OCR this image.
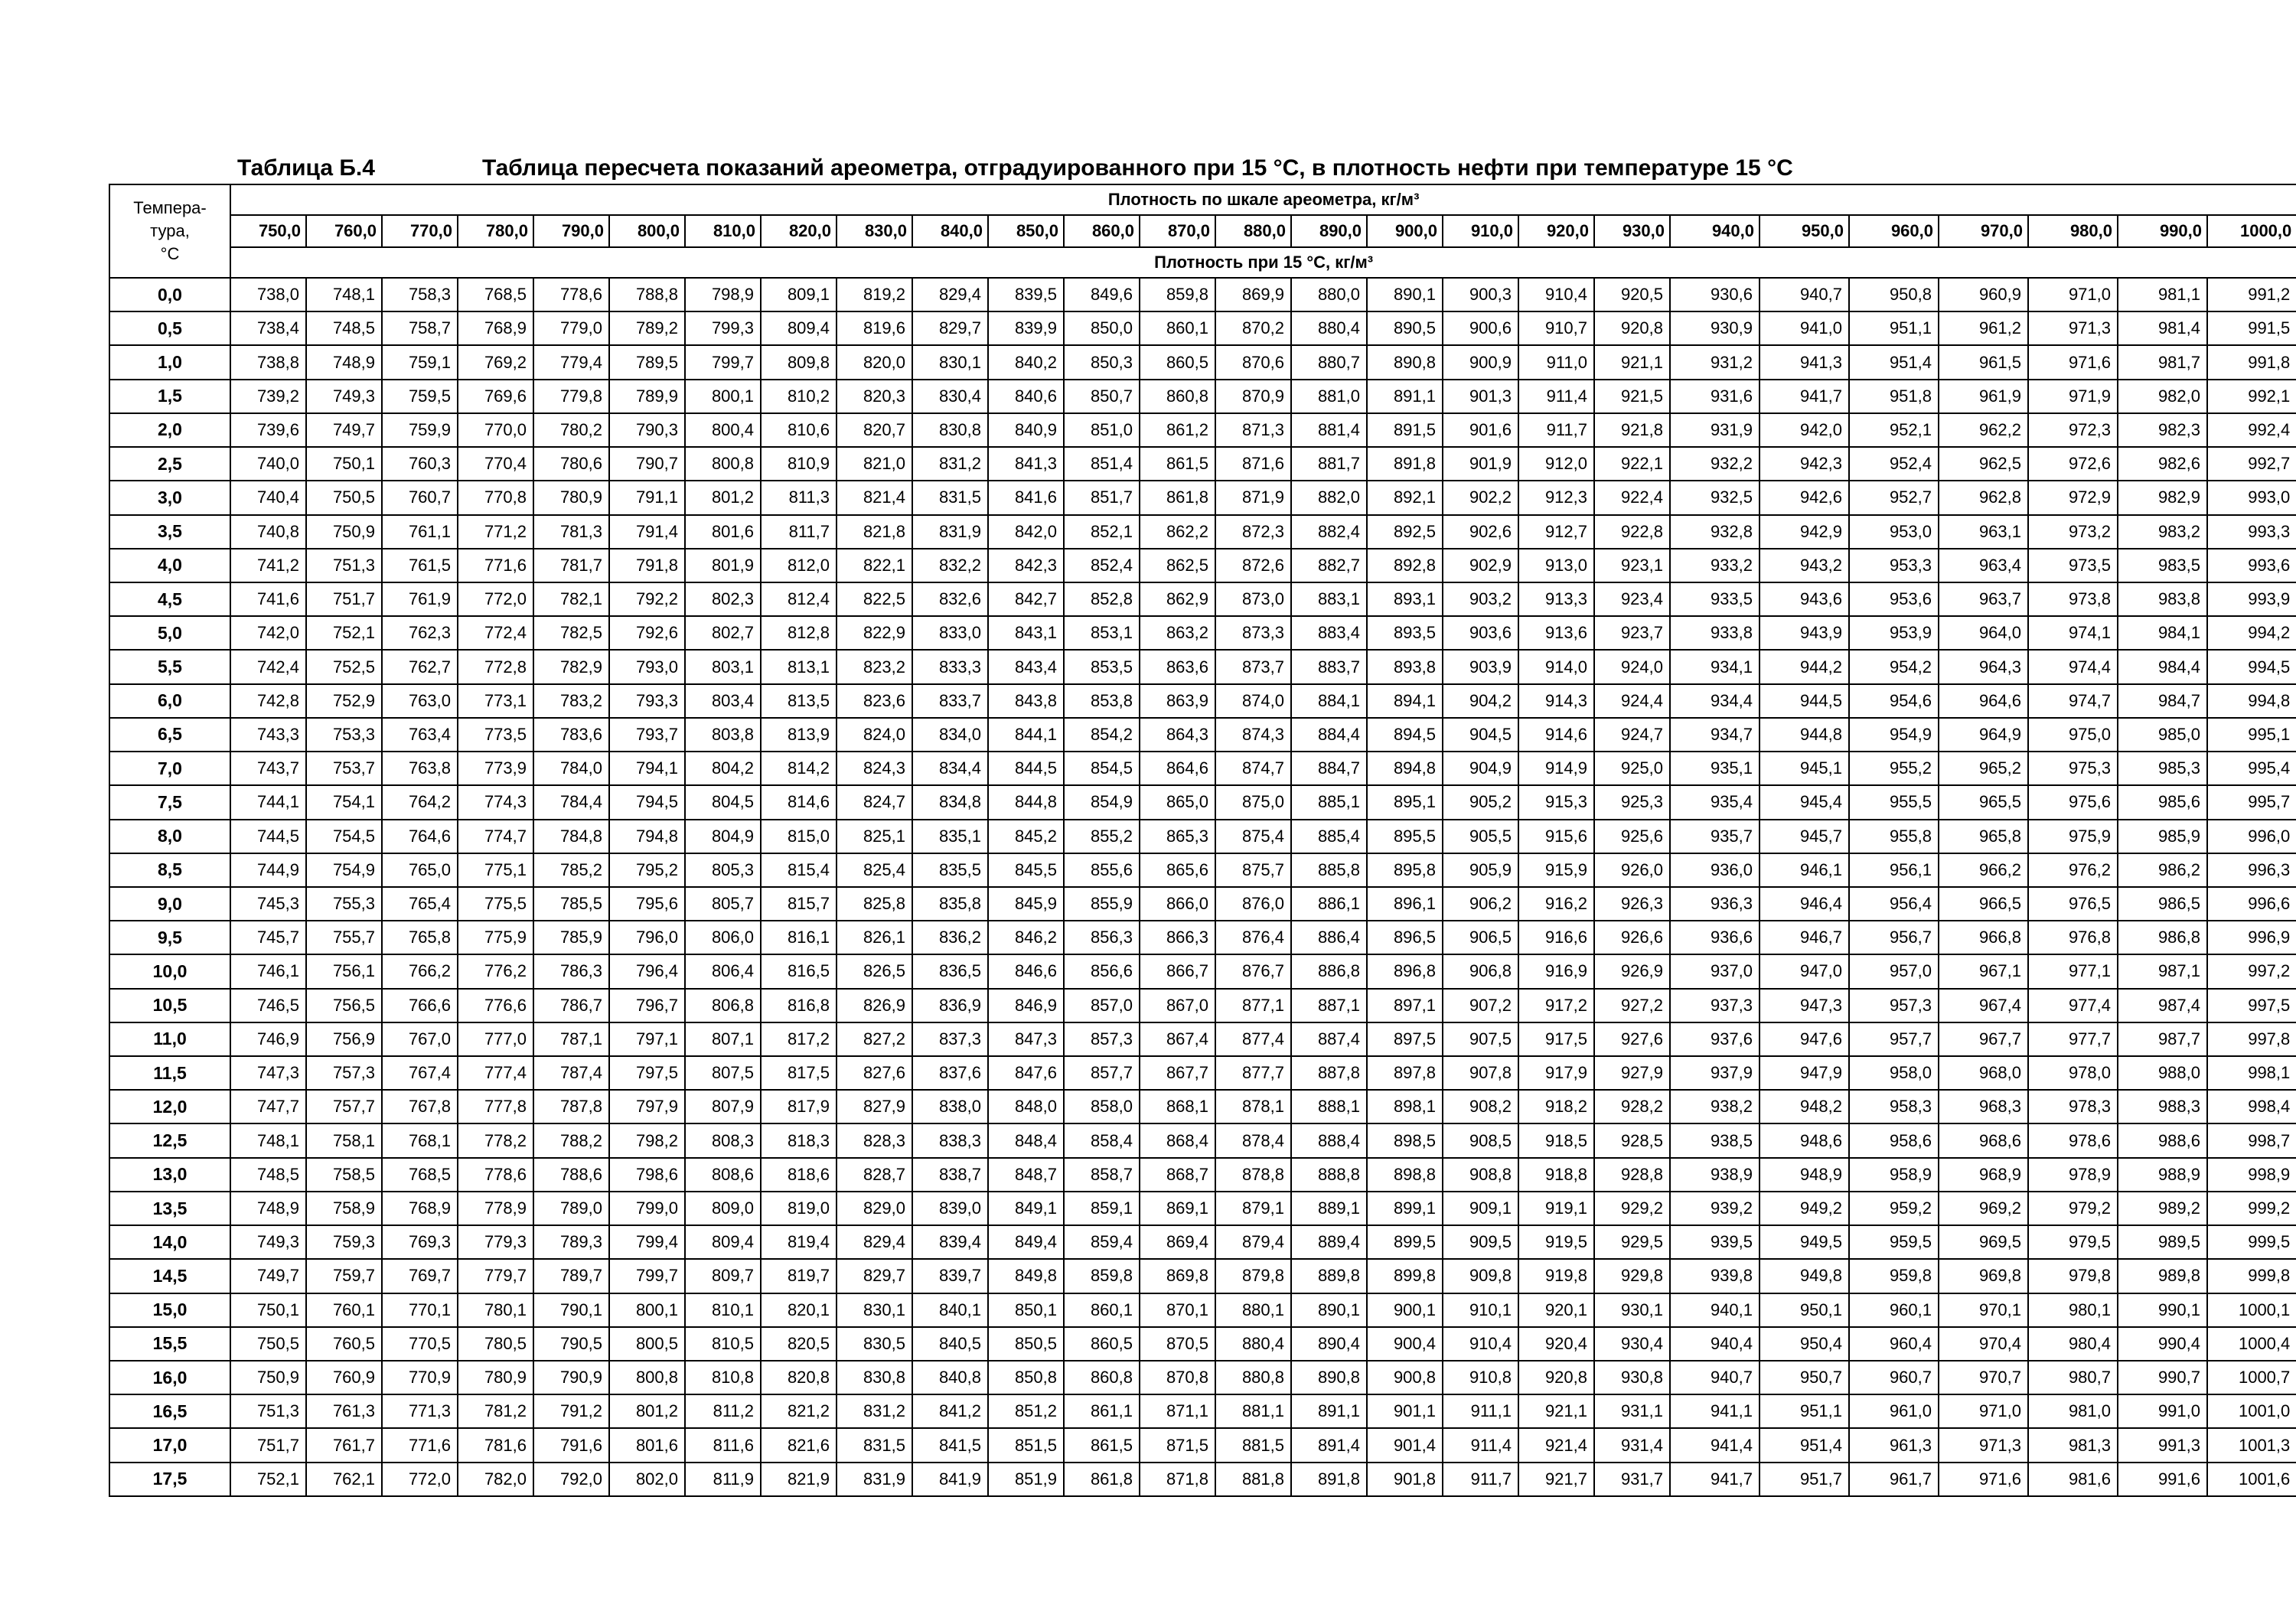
Таблица Б.4	Таблица пересчета показаний ареометра, отградуированного при 15 °С, в плотность нефти при температуре 15 °С
Темпера-
тура,
°С	Плотность по шкале ареометра, кг/м³																									
	750,0	760,0	770,0	780,0	790,0	800,0	810,0	820,0	830,0	840,0	850,0	860,0	870,0	880,0	890,0	900,0	910,0	920,0	930,0	940,0	950,0	960,0	970,0	980,0	990,0	1000,0
	Плотность при 15 °С, кг/м³																									
0,0	738,0	748,1	758,3	768,5	778,6	788,8	798,9	809,1	819,2	829,4	839,5	849,6	859,8	869,9	880,0	890,1	900,3	910,4	920,5	930,6	940,7	950,8	960,9	971,0	981,1	991,2
0,5	738,4	748,5	758,7	768,9	779,0	789,2	799,3	809,4	819,6	829,7	839,9	850,0	860,1	870,2	880,4	890,5	900,6	910,7	920,8	930,9	941,0	951,1	961,2	971,3	981,4	991,5
1,0	738,8	748,9	759,1	769,2	779,4	789,5	799,7	809,8	820,0	830,1	840,2	850,3	860,5	870,6	880,7	890,8	900,9	911,0	921,1	931,2	941,3	951,4	961,5	971,6	981,7	991,8
1,5	739,2	749,3	759,5	769,6	779,8	789,9	800,1	810,2	820,3	830,4	840,6	850,7	860,8	870,9	881,0	891,1	901,3	911,4	921,5	931,6	941,7	951,8	961,9	971,9	982,0	992,1
2,0	739,6	749,7	759,9	770,0	780,2	790,3	800,4	810,6	820,7	830,8	840,9	851,0	861,2	871,3	881,4	891,5	901,6	911,7	921,8	931,9	942,0	952,1	962,2	972,3	982,3	992,4
2,5	740,0	750,1	760,3	770,4	780,6	790,7	800,8	810,9	821,0	831,2	841,3	851,4	861,5	871,6	881,7	891,8	901,9	912,0	922,1	932,2	942,3	952,4	962,5	972,6	982,6	992,7
3,0	740,4	750,5	760,7	770,8	780,9	791,1	801,2	811,3	821,4	831,5	841,6	851,7	861,8	871,9	882,0	892,1	902,2	912,3	922,4	932,5	942,6	952,7	962,8	972,9	982,9	993,0
3,5	740,8	750,9	761,1	771,2	781,3	791,4	801,6	811,7	821,8	831,9	842,0	852,1	862,2	872,3	882,4	892,5	902,6	912,7	922,8	932,8	942,9	953,0	963,1	973,2	983,2	993,3
4,0	741,2	751,3	761,5	771,6	781,7	791,8	801,9	812,0	822,1	832,2	842,3	852,4	862,5	872,6	882,7	892,8	902,9	913,0	923,1	933,2	943,2	953,3	963,4	973,5	983,5	993,6
4,5	741,6	751,7	761,9	772,0	782,1	792,2	802,3	812,4	822,5	832,6	842,7	852,8	862,9	873,0	883,1	893,1	903,2	913,3	923,4	933,5	943,6	953,6	963,7	973,8	983,8	993,9
5,0	742,0	752,1	762,3	772,4	782,5	792,6	802,7	812,8	822,9	833,0	843,1	853,1	863,2	873,3	883,4	893,5	903,6	913,6	923,7	933,8	943,9	953,9	964,0	974,1	984,1	994,2
5,5	742,4	752,5	762,7	772,8	782,9	793,0	803,1	813,1	823,2	833,3	843,4	853,5	863,6	873,7	883,7	893,8	903,9	914,0	924,0	934,1	944,2	954,2	964,3	974,4	984,4	994,5
6,0	742,8	752,9	763,0	773,1	783,2	793,3	803,4	813,5	823,6	833,7	843,8	853,8	863,9	874,0	884,1	894,1	904,2	914,3	924,4	934,4	944,5	954,6	964,6	974,7	984,7	994,8
6,5	743,3	753,3	763,4	773,5	783,6	793,7	803,8	813,9	824,0	834,0	844,1	854,2	864,3	874,3	884,4	894,5	904,5	914,6	924,7	934,7	944,8	954,9	964,9	975,0	985,0	995,1
7,0	743,7	753,7	763,8	773,9	784,0	794,1	804,2	814,2	824,3	834,4	844,5	854,5	864,6	874,7	884,7	894,8	904,9	914,9	925,0	935,1	945,1	955,2	965,2	975,3	985,3	995,4
7,5	744,1	754,1	764,2	774,3	784,4	794,5	804,5	814,6	824,7	834,8	844,8	854,9	865,0	875,0	885,1	895,1	905,2	915,3	925,3	935,4	945,4	955,5	965,5	975,6	985,6	995,7
8,0	744,5	754,5	764,6	774,7	784,8	794,8	804,9	815,0	825,1	835,1	845,2	855,2	865,3	875,4	885,4	895,5	905,5	915,6	925,6	935,7	945,7	955,8	965,8	975,9	985,9	996,0
8,5	744,9	754,9	765,0	775,1	785,2	795,2	805,3	815,4	825,4	835,5	845,5	855,6	865,6	875,7	885,8	895,8	905,9	915,9	926,0	936,0	946,1	956,1	966,2	976,2	986,2	996,3
9,0	745,3	755,3	765,4	775,5	785,5	795,6	805,7	815,7	825,8	835,8	845,9	855,9	866,0	876,0	886,1	896,1	906,2	916,2	926,3	936,3	946,4	956,4	966,5	976,5	986,5	996,6
9,5	745,7	755,7	765,8	775,9	785,9	796,0	806,0	816,1	826,1	836,2	846,2	856,3	866,3	876,4	886,4	896,5	906,5	916,6	926,6	936,6	946,7	956,7	966,8	976,8	986,8	996,9
10,0	746,1	756,1	766,2	776,2	786,3	796,4	806,4	816,5	826,5	836,5	846,6	856,6	866,7	876,7	886,8	896,8	906,8	916,9	926,9	937,0	947,0	957,0	967,1	977,1	987,1	997,2
10,5	746,5	756,5	766,6	776,6	786,7	796,7	806,8	816,8	826,9	836,9	846,9	857,0	867,0	877,1	887,1	897,1	907,2	917,2	927,2	937,3	947,3	957,3	967,4	977,4	987,4	997,5
11,0	746,9	756,9	767,0	777,0	787,1	797,1	807,1	817,2	827,2	837,3	847,3	857,3	867,4	877,4	887,4	897,5	907,5	917,5	927,6	937,6	947,6	957,7	967,7	977,7	987,7	997,8
11,5	747,3	757,3	767,4	777,4	787,4	797,5	807,5	817,5	827,6	837,6	847,6	857,7	867,7	877,7	887,8	897,8	907,8	917,9	927,9	937,9	947,9	958,0	968,0	978,0	988,0	998,1
12,0	747,7	757,7	767,8	777,8	787,8	797,9	807,9	817,9	827,9	838,0	848,0	858,0	868,1	878,1	888,1	898,1	908,2	918,2	928,2	938,2	948,2	958,3	968,3	978,3	988,3	998,4
12,5	748,1	758,1	768,1	778,2	788,2	798,2	808,3	818,3	828,3	838,3	848,4	858,4	868,4	878,4	888,4	898,5	908,5	918,5	928,5	938,5	948,6	958,6	968,6	978,6	988,6	998,7
13,0	748,5	758,5	768,5	778,6	788,6	798,6	808,6	818,6	828,7	838,7	848,7	858,7	868,7	878,8	888,8	898,8	908,8	918,8	928,8	938,9	948,9	958,9	968,9	978,9	988,9	998,9
13,5	748,9	758,9	768,9	778,9	789,0	799,0	809,0	819,0	829,0	839,0	849,1	859,1	869,1	879,1	889,1	899,1	909,1	919,1	929,2	939,2	949,2	959,2	969,2	979,2	989,2	999,2
14,0	749,3	759,3	769,3	779,3	789,3	799,4	809,4	819,4	829,4	839,4	849,4	859,4	869,4	879,4	889,4	899,5	909,5	919,5	929,5	939,5	949,5	959,5	969,5	979,5	989,5	999,5
14,5	749,7	759,7	769,7	779,7	789,7	799,7	809,7	819,7	829,7	839,7	849,8	859,8	869,8	879,8	889,8	899,8	909,8	919,8	929,8	939,8	949,8	959,8	969,8	979,8	989,8	999,8
15,0	750,1	760,1	770,1	780,1	790,1	800,1	810,1	820,1	830,1	840,1	850,1	860,1	870,1	880,1	890,1	900,1	910,1	920,1	930,1	940,1	950,1	960,1	970,1	980,1	990,1	1000,1
15,5	750,5	760,5	770,5	780,5	790,5	800,5	810,5	820,5	830,5	840,5	850,5	860,5	870,5	880,4	890,4	900,4	910,4	920,4	930,4	940,4	950,4	960,4	970,4	980,4	990,4	1000,4
16,0	750,9	760,9	770,9	780,9	790,9	800,8	810,8	820,8	830,8	840,8	850,8	860,8	870,8	880,8	890,8	900,8	910,8	920,8	930,8	940,7	950,7	960,7	970,7	980,7	990,7	1000,7
16,5	751,3	761,3	771,3	781,2	791,2	801,2	811,2	821,2	831,2	841,2	851,2	861,1	871,1	881,1	891,1	901,1	911,1	921,1	931,1	941,1	951,1	961,0	971,0	981,0	991,0	1001,0
17,0	751,7	761,7	771,6	781,6	791,6	801,6	811,6	821,6	831,5	841,5	851,5	861,5	871,5	881,5	891,4	901,4	911,4	921,4	931,4	941,4	951,4	961,3	971,3	981,3	991,3	1001,3
17,5	752,1	762,1	772,0	782,0	792,0	802,0	811,9	821,9	831,9	841,9	851,9	861,8	871,8	881,8	891,8	901,8	911,7	921,7	931,7	941,7	951,7	961,7	971,6	981,6	991,6	1001,6
